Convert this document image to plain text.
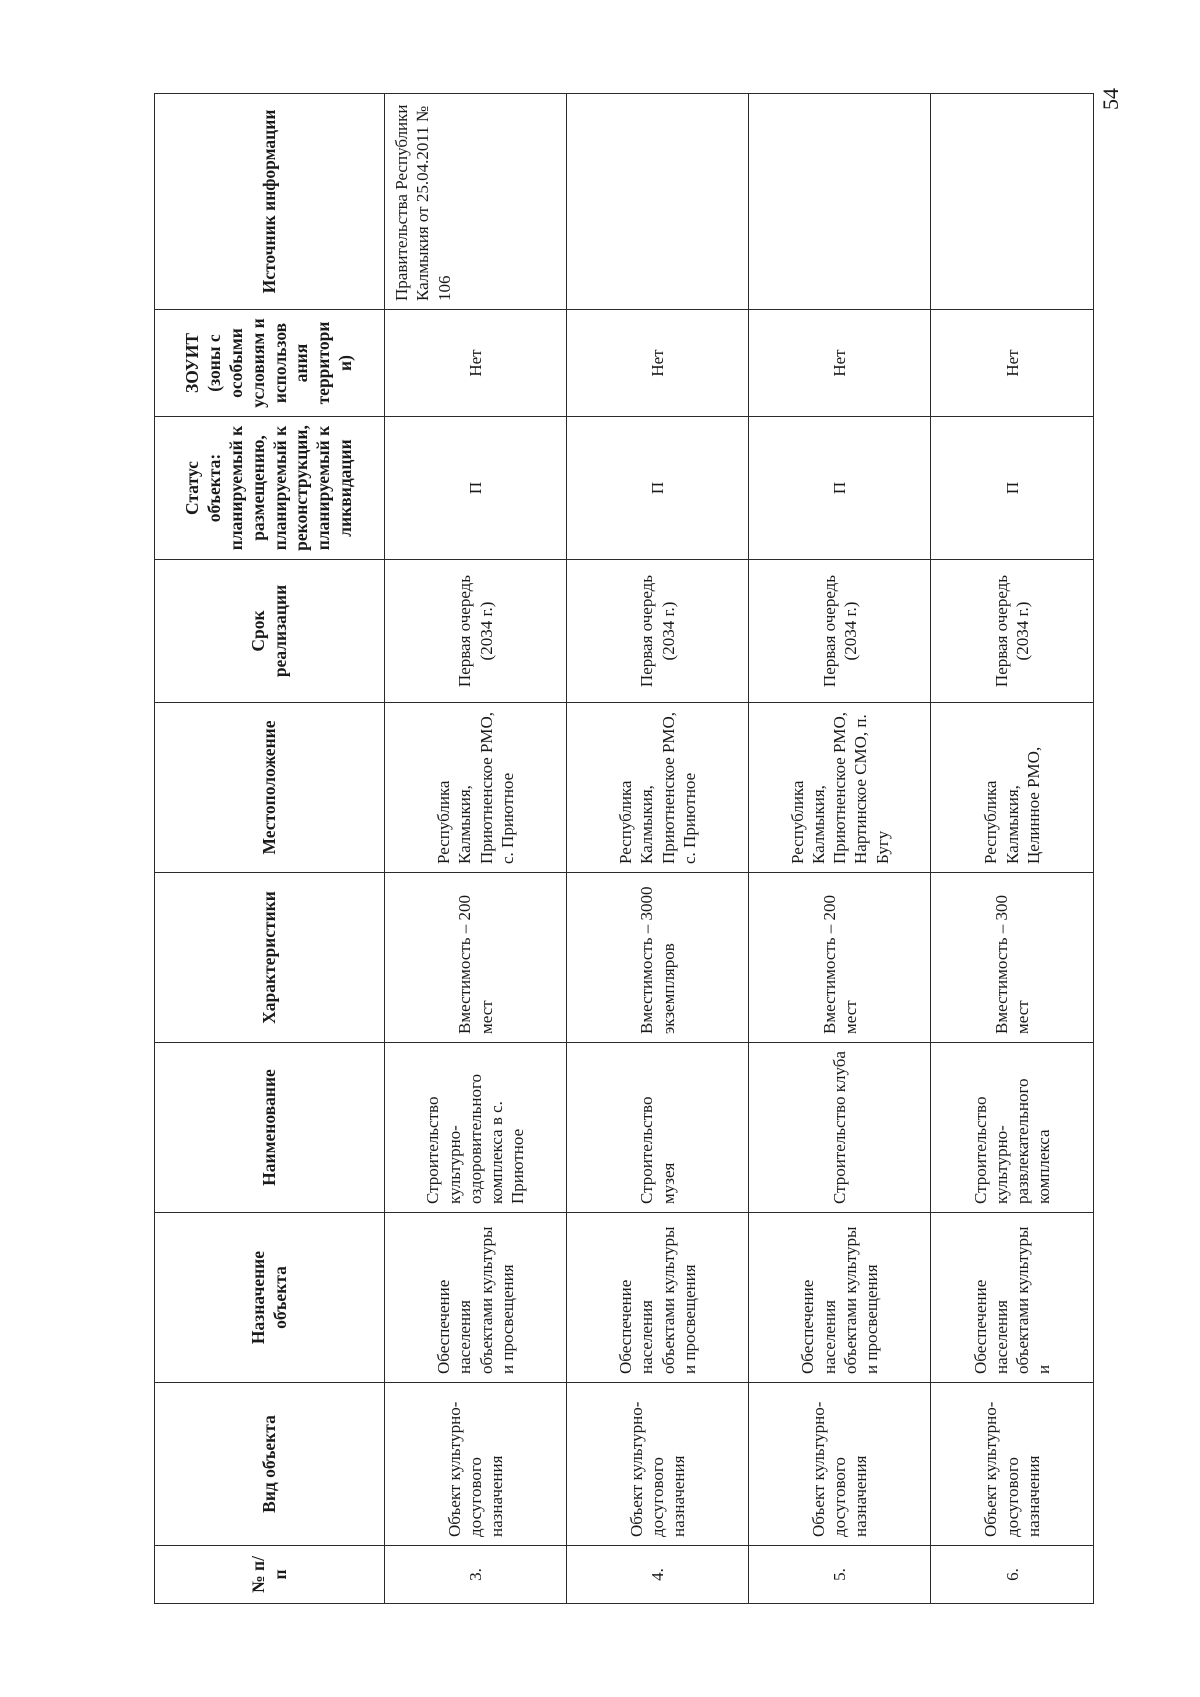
54
№ п/ п	Вид объекта	Назначение объекта	Наименование	Характеристики	Местоположение	Срок реализации	Статус объекта: планируемый к размещению, планируемый к реконструкции, планируемый к ликвидации	ЗОУИТ (зоны с особыми условиям и использов ания территори и)	Источник информации
3.	Объект культурно- досугового назначения	Обеспечение населения объектами культуры и просвещения	Строительство культурно- оздоровительного комплекса в с. Приютное	Вместимость – 200 мест	Республика Калмыкия, Приютненское РМО, с. Приютное	Первая очередь (2034 г.)	П	Нет	Правительства Республики Калмыкия от 25.04.2011 № 106
4.	Объект культурно- досугового назначения	Обеспечение населения объектами культуры и просвещения	Строительство музея	Вместимость – 3000 экземпляров	Республика Калмыкия, Приютненское РМО, с. Приютное	Первая очередь (2034 г.)	П	Нет	
5.	Объект культурно- досугового назначения	Обеспечение населения объектами культуры и просвещения	Строительство клуба	Вместимость – 200 мест	Республика Калмыкия, Приютненское РМО, Нартинское СМО, п. Бугу	Первая очередь (2034 г.)	П	Нет	
6.	Объект культурно- досугового назначения	Обеспечение населения объектами культуры и	Строительство культурно- развлекательного комплекса	Вместимость – 300 мест	Республика Калмыкия, Целинное РМО,	Первая очередь (2034 г.)	П	Нет	
